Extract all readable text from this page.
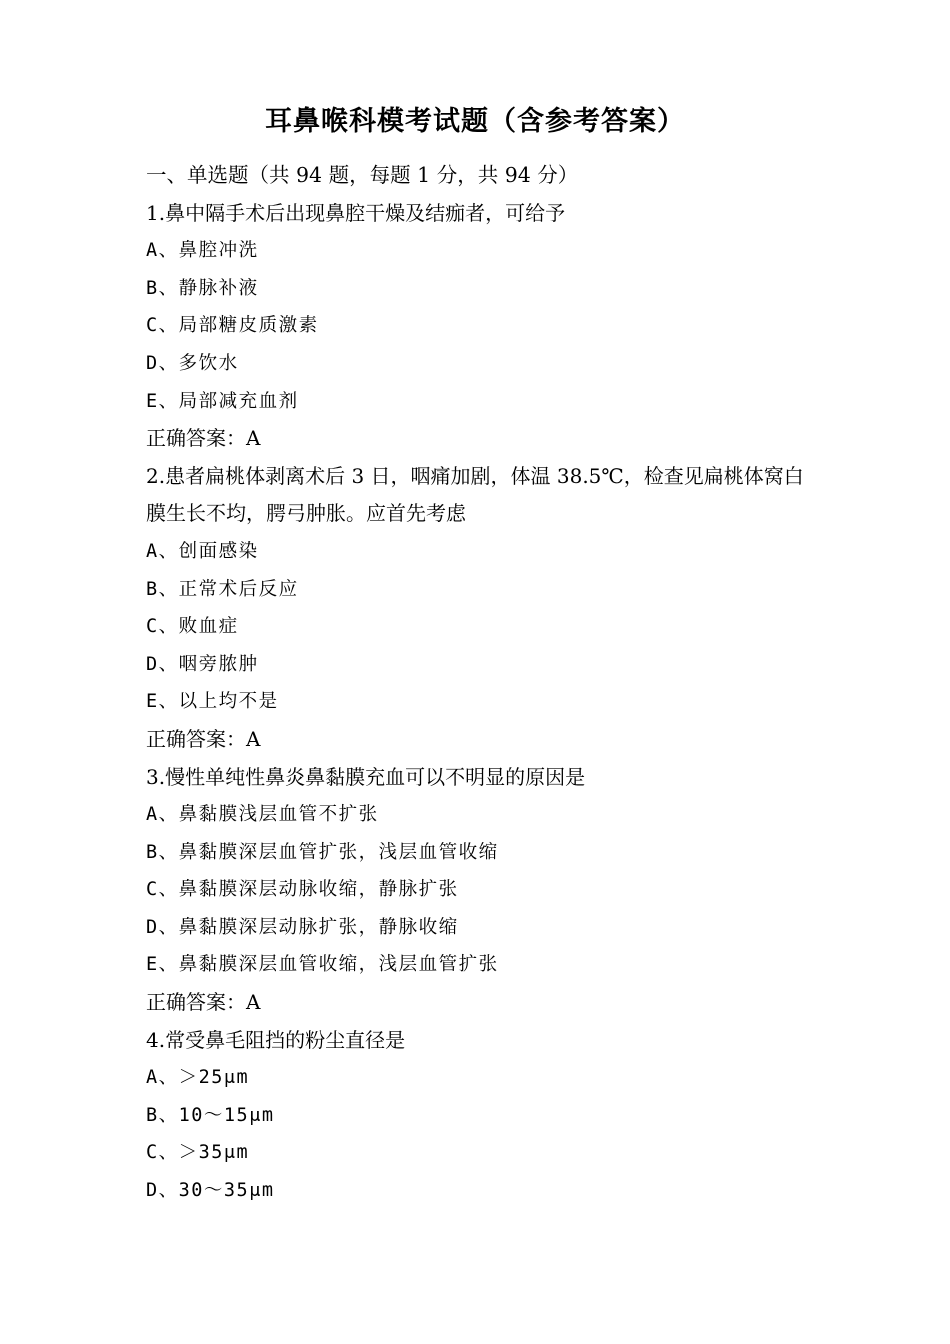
耳鼻喉科模考试题（含参考答案）
一、单选题（共 94 题，每题 1 分，共 94 分）
1.鼻中隔手术后出现鼻腔干燥及结痂者，可给予
A、鼻腔冲洗
B、静脉补液
C、局部糖皮质激素
D、多饮水
E、局部减充血剂
正确答案：A
2.患者扁桃体剥离术后 3 日，咽痛加剧，体温 38.5℃，检查见扁桃体窝白膜生长不均，腭弓肿胀。应首先考虑
A、创面感染
B、正常术后反应
C、败血症
D、咽旁脓肿
E、以上均不是
正确答案：A
3.慢性单纯性鼻炎鼻黏膜充血可以不明显的原因是
A、鼻黏膜浅层血管不扩张
B、鼻黏膜深层血管扩张，浅层血管收缩
C、鼻黏膜深层动脉收缩，静脉扩张
D、鼻黏膜深层动脉扩张，静脉收缩
E、鼻黏膜深层血管收缩，浅层血管扩张
正确答案：A
4.常受鼻毛阻挡的粉尘直径是
A、＞25μm
B、10～15μm
C、＞35μm
D、30～35μm
